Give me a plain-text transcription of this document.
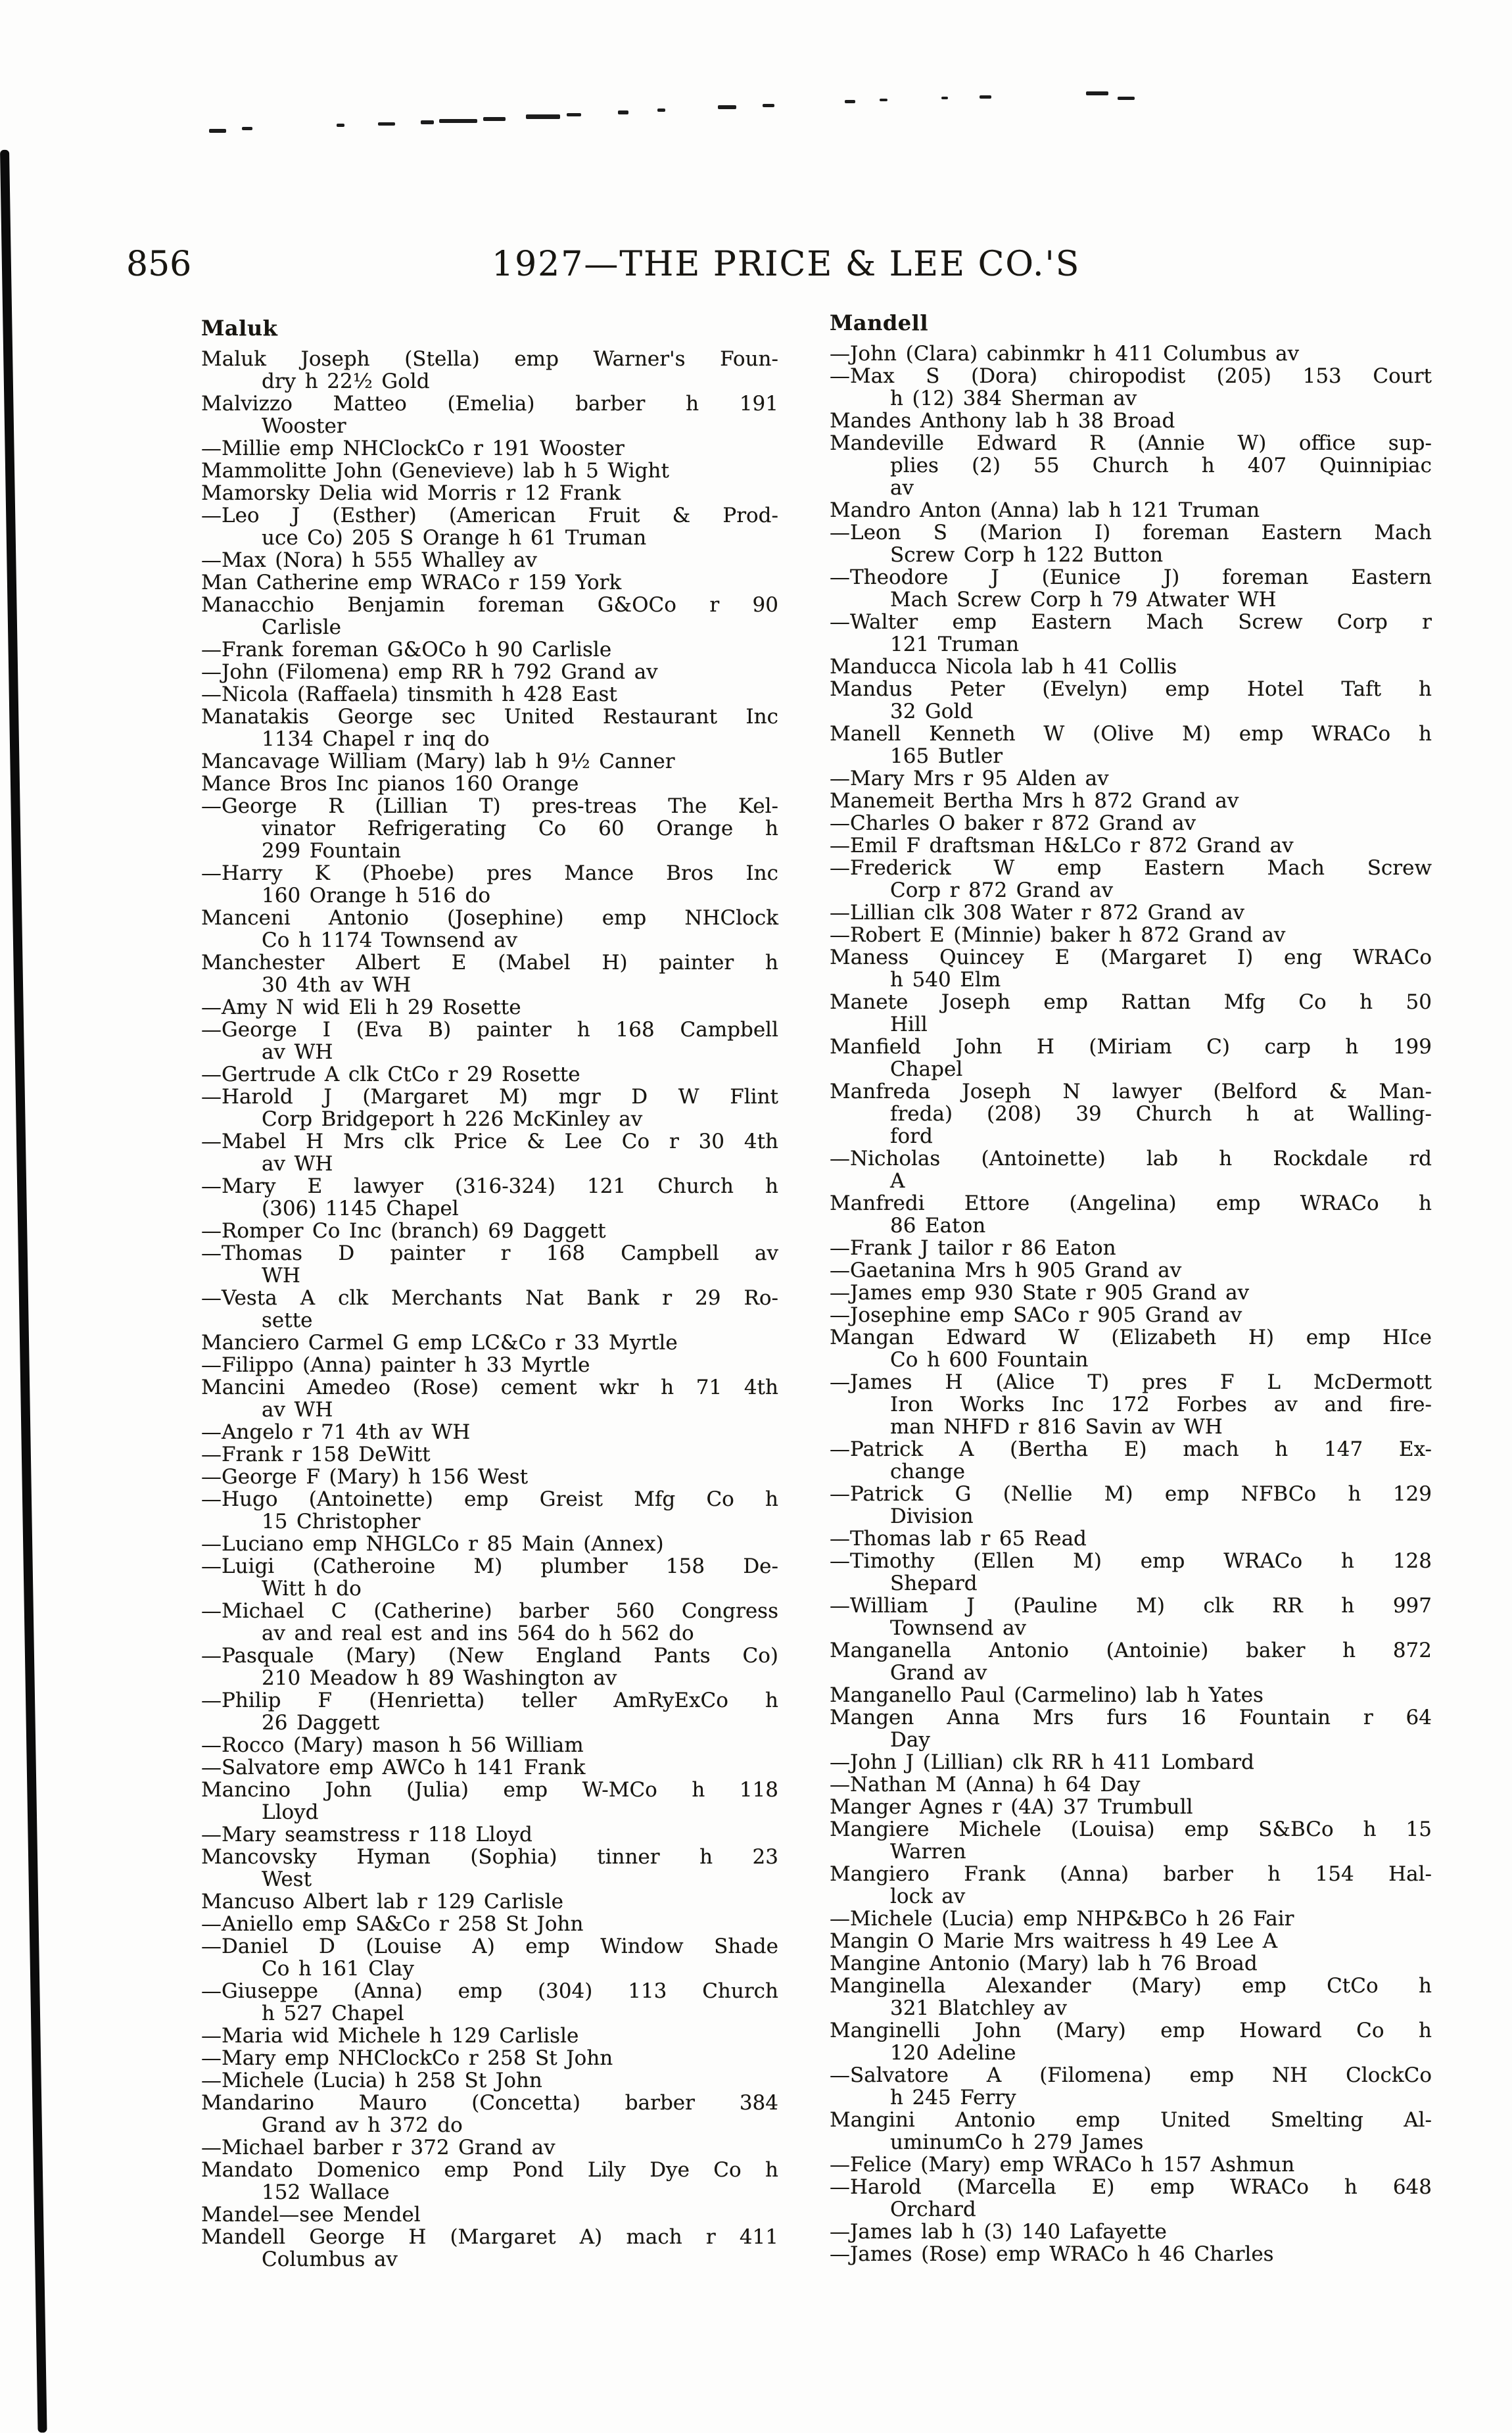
856	1927—THE PRICE & LEE CO.'S
Maluk
Maluk Joseph (Stella) emp Warner's Foun-
dry h 22½ Gold
Malvizzo Matteo (Emelia) barber h 191
Wooster
—Millie emp NHClockCo r 191 Wooster
Mammolitte John (Genevieve) lab h 5 Wight
Mamorsky Delia wid Morris r 12 Frank
—Leo J (Esther) (American Fruit & Prod-
uce Co) 205 S Orange h 61 Truman
—Max (Nora) h 555 Whalley av
Man Catherine emp WRACo r 159 York
Manacchio Benjamin foreman G&OCo r 90
Carlisle
—Frank foreman G&OCo h 90 Carlisle
—John (Filomena) emp RR h 792 Grand av
—Nicola (Raffaela) tinsmith h 428 East
Manatakis George sec United Restaurant Inc
1134 Chapel r inq do
Mancavage William (Mary) lab h 9½ Canner
Mance Bros Inc pianos 160 Orange
—George R (Lillian T) pres-treas The Kel-
vinator Refrigerating Co 60 Orange h
299 Fountain
—Harry K (Phoebe) pres Mance Bros Inc
160 Orange h 516 do
Manceni Antonio (Josephine) emp NHClock
Co h 1174 Townsend av
Manchester Albert E (Mabel H) painter h
30 4th av WH
—Amy N wid Eli h 29 Rosette
—George I (Eva B) painter h 168 Campbell
av WH
—Gertrude A clk CtCo r 29 Rosette
—Harold J (Margaret M) mgr D W Flint
Corp Bridgeport h 226 McKinley av
—Mabel H Mrs clk Price & Lee Co r 30 4th
av WH
—Mary E lawyer (316-324) 121 Church h
(306) 1145 Chapel
—Romper Co Inc (branch) 69 Daggett
—Thomas D painter r 168 Campbell av
WH
—Vesta A clk Merchants Nat Bank r 29 Ro-
sette
Manciero Carmel G emp LC&Co r 33 Myrtle
—Filippo (Anna) painter h 33 Myrtle
Mancini Amedeo (Rose) cement wkr h 71 4th
av WH
—Angelo r 71 4th av WH
—Frank r 158 DeWitt
—George F (Mary) h 156 West
—Hugo (Antoinette) emp Greist Mfg Co h
15 Christopher
—Luciano emp NHGLCo r 85 Main (Annex)
—Luigi (Catheroine M) plumber 158 De-
Witt h do
—Michael C (Catherine) barber 560 Congress
av and real est and ins 564 do h 562 do
—Pasquale (Mary) (New England Pants Co)
210 Meadow h 89 Washington av
—Philip F (Henrietta) teller AmRyExCo h
26 Daggett
—Rocco (Mary) mason h 56 William
—Salvatore emp AWCo h 141 Frank
Mancino John (Julia) emp W-MCo h 118
Lloyd
—Mary seamstress r 118 Lloyd
Mancovsky Hyman (Sophia) tinner h 23
West
Mancuso Albert lab r 129 Carlisle
—Aniello emp SA&Co r 258 St John
—Daniel D (Louise A) emp Window Shade
Co h 161 Clay
—Giuseppe (Anna) emp (304) 113 Church
h 527 Chapel
—Maria wid Michele h 129 Carlisle
—Mary emp NHClockCo r 258 St John
—Michele (Lucia) h 258 St John
Mandarino Mauro (Concetta) barber 384
Grand av h 372 do
—Michael barber r 372 Grand av
Mandato Domenico emp Pond Lily Dye Co h
152 Wallace
Mandel—see Mendel
Mandell George H (Margaret A) mach r 411
Columbus av
Mandell
—John (Clara) cabinmkr h 411 Columbus av
—Max S (Dora) chiropodist (205) 153 Court
h (12) 384 Sherman av
Mandes Anthony lab h 38 Broad
Mandeville Edward R (Annie W) office sup-
plies (2) 55 Church h 407 Quinnipiac
av
Mandro Anton (Anna) lab h 121 Truman
—Leon S (Marion I) foreman Eastern Mach
Screw Corp h 122 Button
—Theodore J (Eunice J) foreman Eastern
Mach Screw Corp h 79 Atwater WH
—Walter emp Eastern Mach Screw Corp r
121 Truman
Manducca Nicola lab h 41 Collis
Mandus Peter (Evelyn) emp Hotel Taft h
32 Gold
Manell Kenneth W (Olive M) emp WRACo h
165 Butler
—Mary Mrs r 95 Alden av
Manemeit Bertha Mrs h 872 Grand av
—Charles O baker r 872 Grand av
—Emil F draftsman H&LCo r 872 Grand av
—Frederick W emp Eastern Mach Screw
Corp r 872 Grand av
—Lillian clk 308 Water r 872 Grand av
—Robert E (Minnie) baker h 872 Grand av
Maness Quincey E (Margaret I) eng WRACo
h 540 Elm
Manete Joseph emp Rattan Mfg Co h 50
Hill
Manfield John H (Miriam C) carp h 199
Chapel
Manfreda Joseph N lawyer (Belford & Man-
freda) (208) 39 Church h at Walling-
ford
—Nicholas (Antoinette) lab h Rockdale rd
A
Manfredi Ettore (Angelina) emp WRACo h
86 Eaton
—Frank J tailor r 86 Eaton
—Gaetanina Mrs h 905 Grand av
—James emp 930 State r 905 Grand av
—Josephine emp SACo r 905 Grand av
Mangan Edward W (Elizabeth H) emp HIce
Co h 600 Fountain
—James H (Alice T) pres F L McDermott
Iron Works Inc 172 Forbes av and fire-
man NHFD r 816 Savin av WH
—Patrick A (Bertha E) mach h 147 Ex-
change
—Patrick G (Nellie M) emp NFBCo h 129
Division
—Thomas lab r 65 Read
—Timothy (Ellen M) emp WRACo h 128
Shepard
—William J (Pauline M) clk RR h 997
Townsend av
Manganella Antonio (Antoinie) baker h 872
Grand av
Manganello Paul (Carmelino) lab h Yates
Mangen Anna Mrs furs 16 Fountain r 64
Day
—John J (Lillian) clk RR h 411 Lombard
—Nathan M (Anna) h 64 Day
Manger Agnes r (4A) 37 Trumbull
Mangiere Michele (Louisa) emp S&BCo h 15
Warren
Mangiero Frank (Anna) barber h 154 Hal-
lock av
—Michele (Lucia) emp NHP&BCo h 26 Fair
Mangin O Marie Mrs waitress h 49 Lee A
Mangine Antonio (Mary) lab h 76 Broad
Manginella Alexander (Mary) emp CtCo h
321 Blatchley av
Manginelli John (Mary) emp Howard Co h
120 Adeline
—Salvatore A (Filomena) emp NH ClockCo
h 245 Ferry
Mangini Antonio emp United Smelting Al-
uminumCo h 279 James
—Felice (Mary) emp WRACo h 157 Ashmun
—Harold (Marcella E) emp WRACo h 648
Orchard
—James lab h (3) 140 Lafayette
—James (Rose) emp WRACo h 46 Charles
